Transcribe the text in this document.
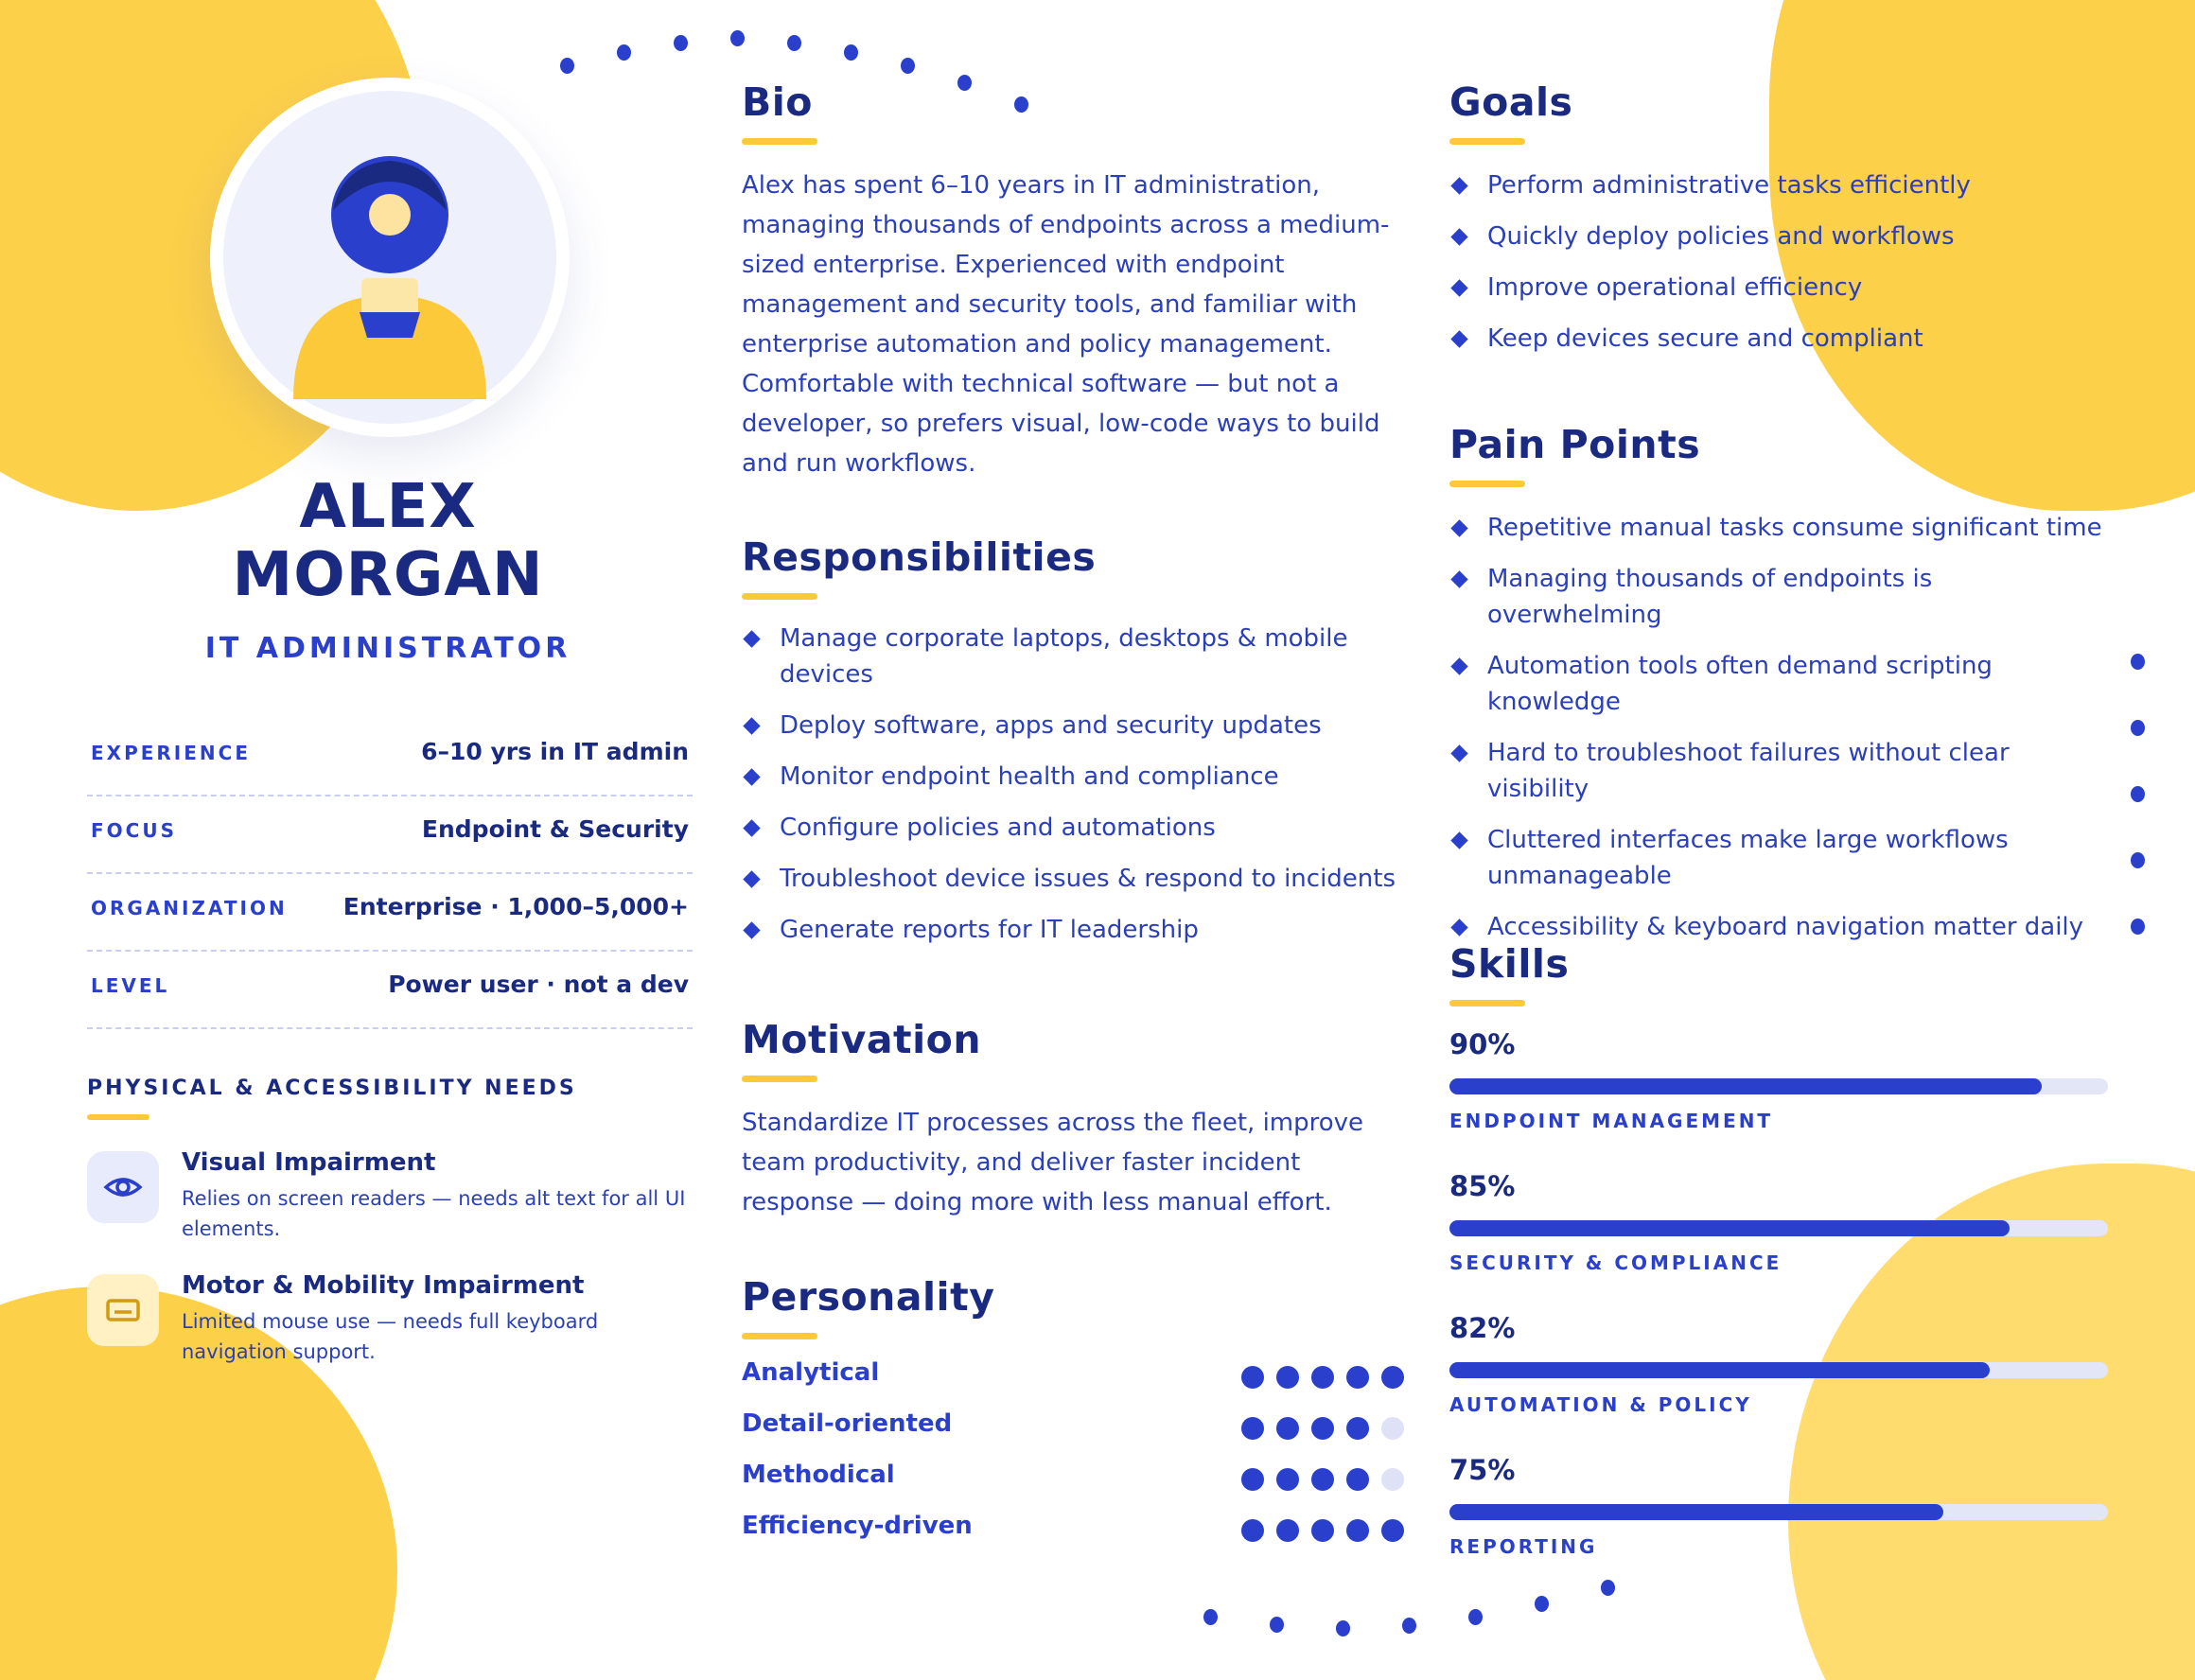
ALEX
MORGAN
IT ADMINISTRATOR
EXPERIENCE	6–10 yrs in IT admin
FOCUS	Endpoint & Security
ORGANIZATION Enterprise · 1,000–5,000+
LEVEL	Power user · not a dev
PHYSICAL & ACCESSIBILITY NEEDS
Visual Impairment
Relies on screen readers — needs alt text for all UI elements.
Motor & Mobility Impairment
Limited mouse use — needs full keyboard navigation support.
Bio
Alex has spent 6–10 years in IT administration, managing thousands of endpoints across a medium-sized enterprise. Experienced with endpoint management and security tools, and familiar with enterprise automation and policy management. Comfortable with technical software — but not a developer, so prefers visual, low-code ways to build and run workflows.
Responsibilities
Manage corporate laptops, desktops & mobile devices
Deploy software, apps and security updates
Monitor endpoint health and compliance
Configure policies and automations
Troubleshoot device issues & respond to incidents
Generate reports for IT leadership
Motivation
Standardize IT processes across the fleet, improve team productivity, and deliver faster incident response — doing more with less manual effort.
Personality
Analytical
Detail-oriented
Methodical
Efficiency-driven
Goals
Perform administrative tasks efficiently
Quickly deploy policies and workflows
Improve operational efficiency
Keep devices secure and compliant
Pain Points
Repetitive manual tasks consume significant time
Managing thousands of endpoints is overwhelming
Automation tools often demand scripting knowledge
Hard to troubleshoot failures without clear visibility
Cluttered interfaces make large workflows unmanageable
Accessibility & keyboard navigation matter daily
Skills
90%
ENDPOINT MANAGEMENT
85%
SECURITY & COMPLIANCE
82%
AUTOMATION & POLICY
75%
REPORTING
